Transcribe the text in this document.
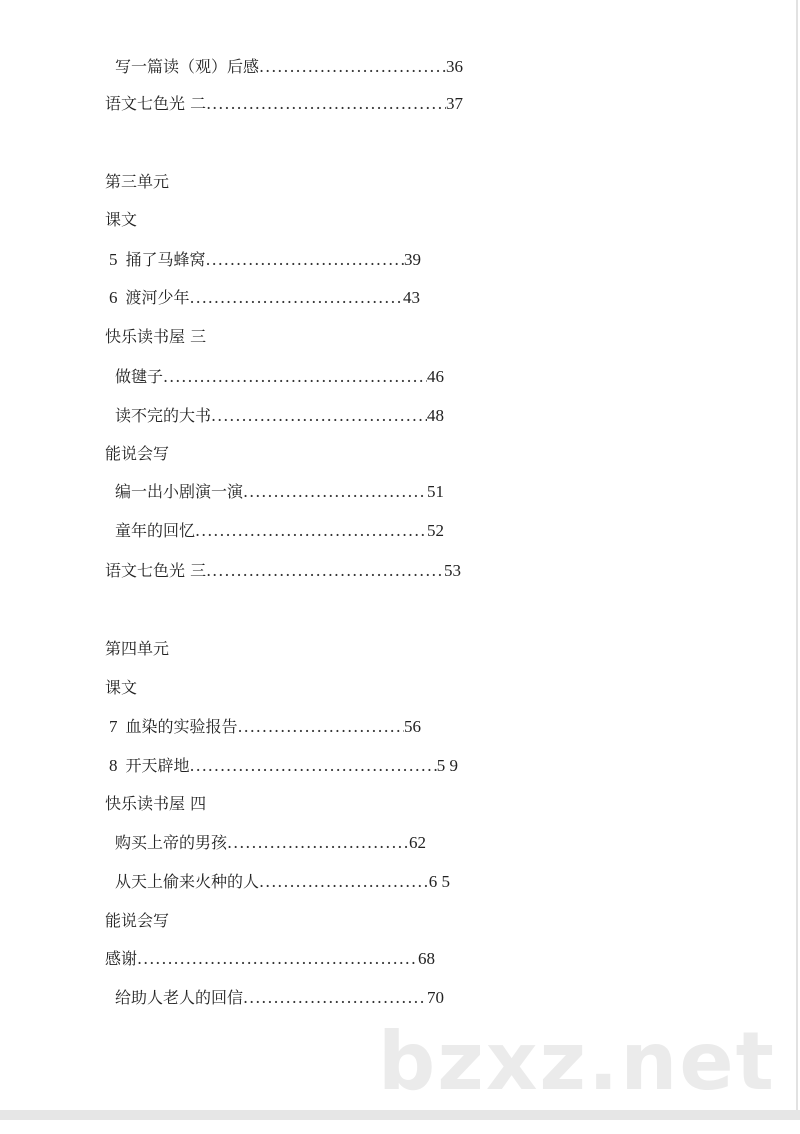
写一篇读（观）后感 .....	36
语文七色光 二 .....	37
第三单元
课文
5 捅了马蜂窝 .....	39
6 渡河少年 .....	43
快乐读书屋 三
做毽子 .....	46
读不完的大书 .....	48
能说会写
编一出小剧演一演 .....	51
童年的回忆 .....	52
语文七色光 三 .....	53
第四单元
课文
7 血染的实验报告 .....	56
8 开天辟地 .....	5 9
快乐读书屋 四
购买上帝的男孩 .....	62
从天上偷来火种的人 .....	6 5
能说会写
感谢 .....	68
给助人老人的回信 .....	70
bzxz.net
